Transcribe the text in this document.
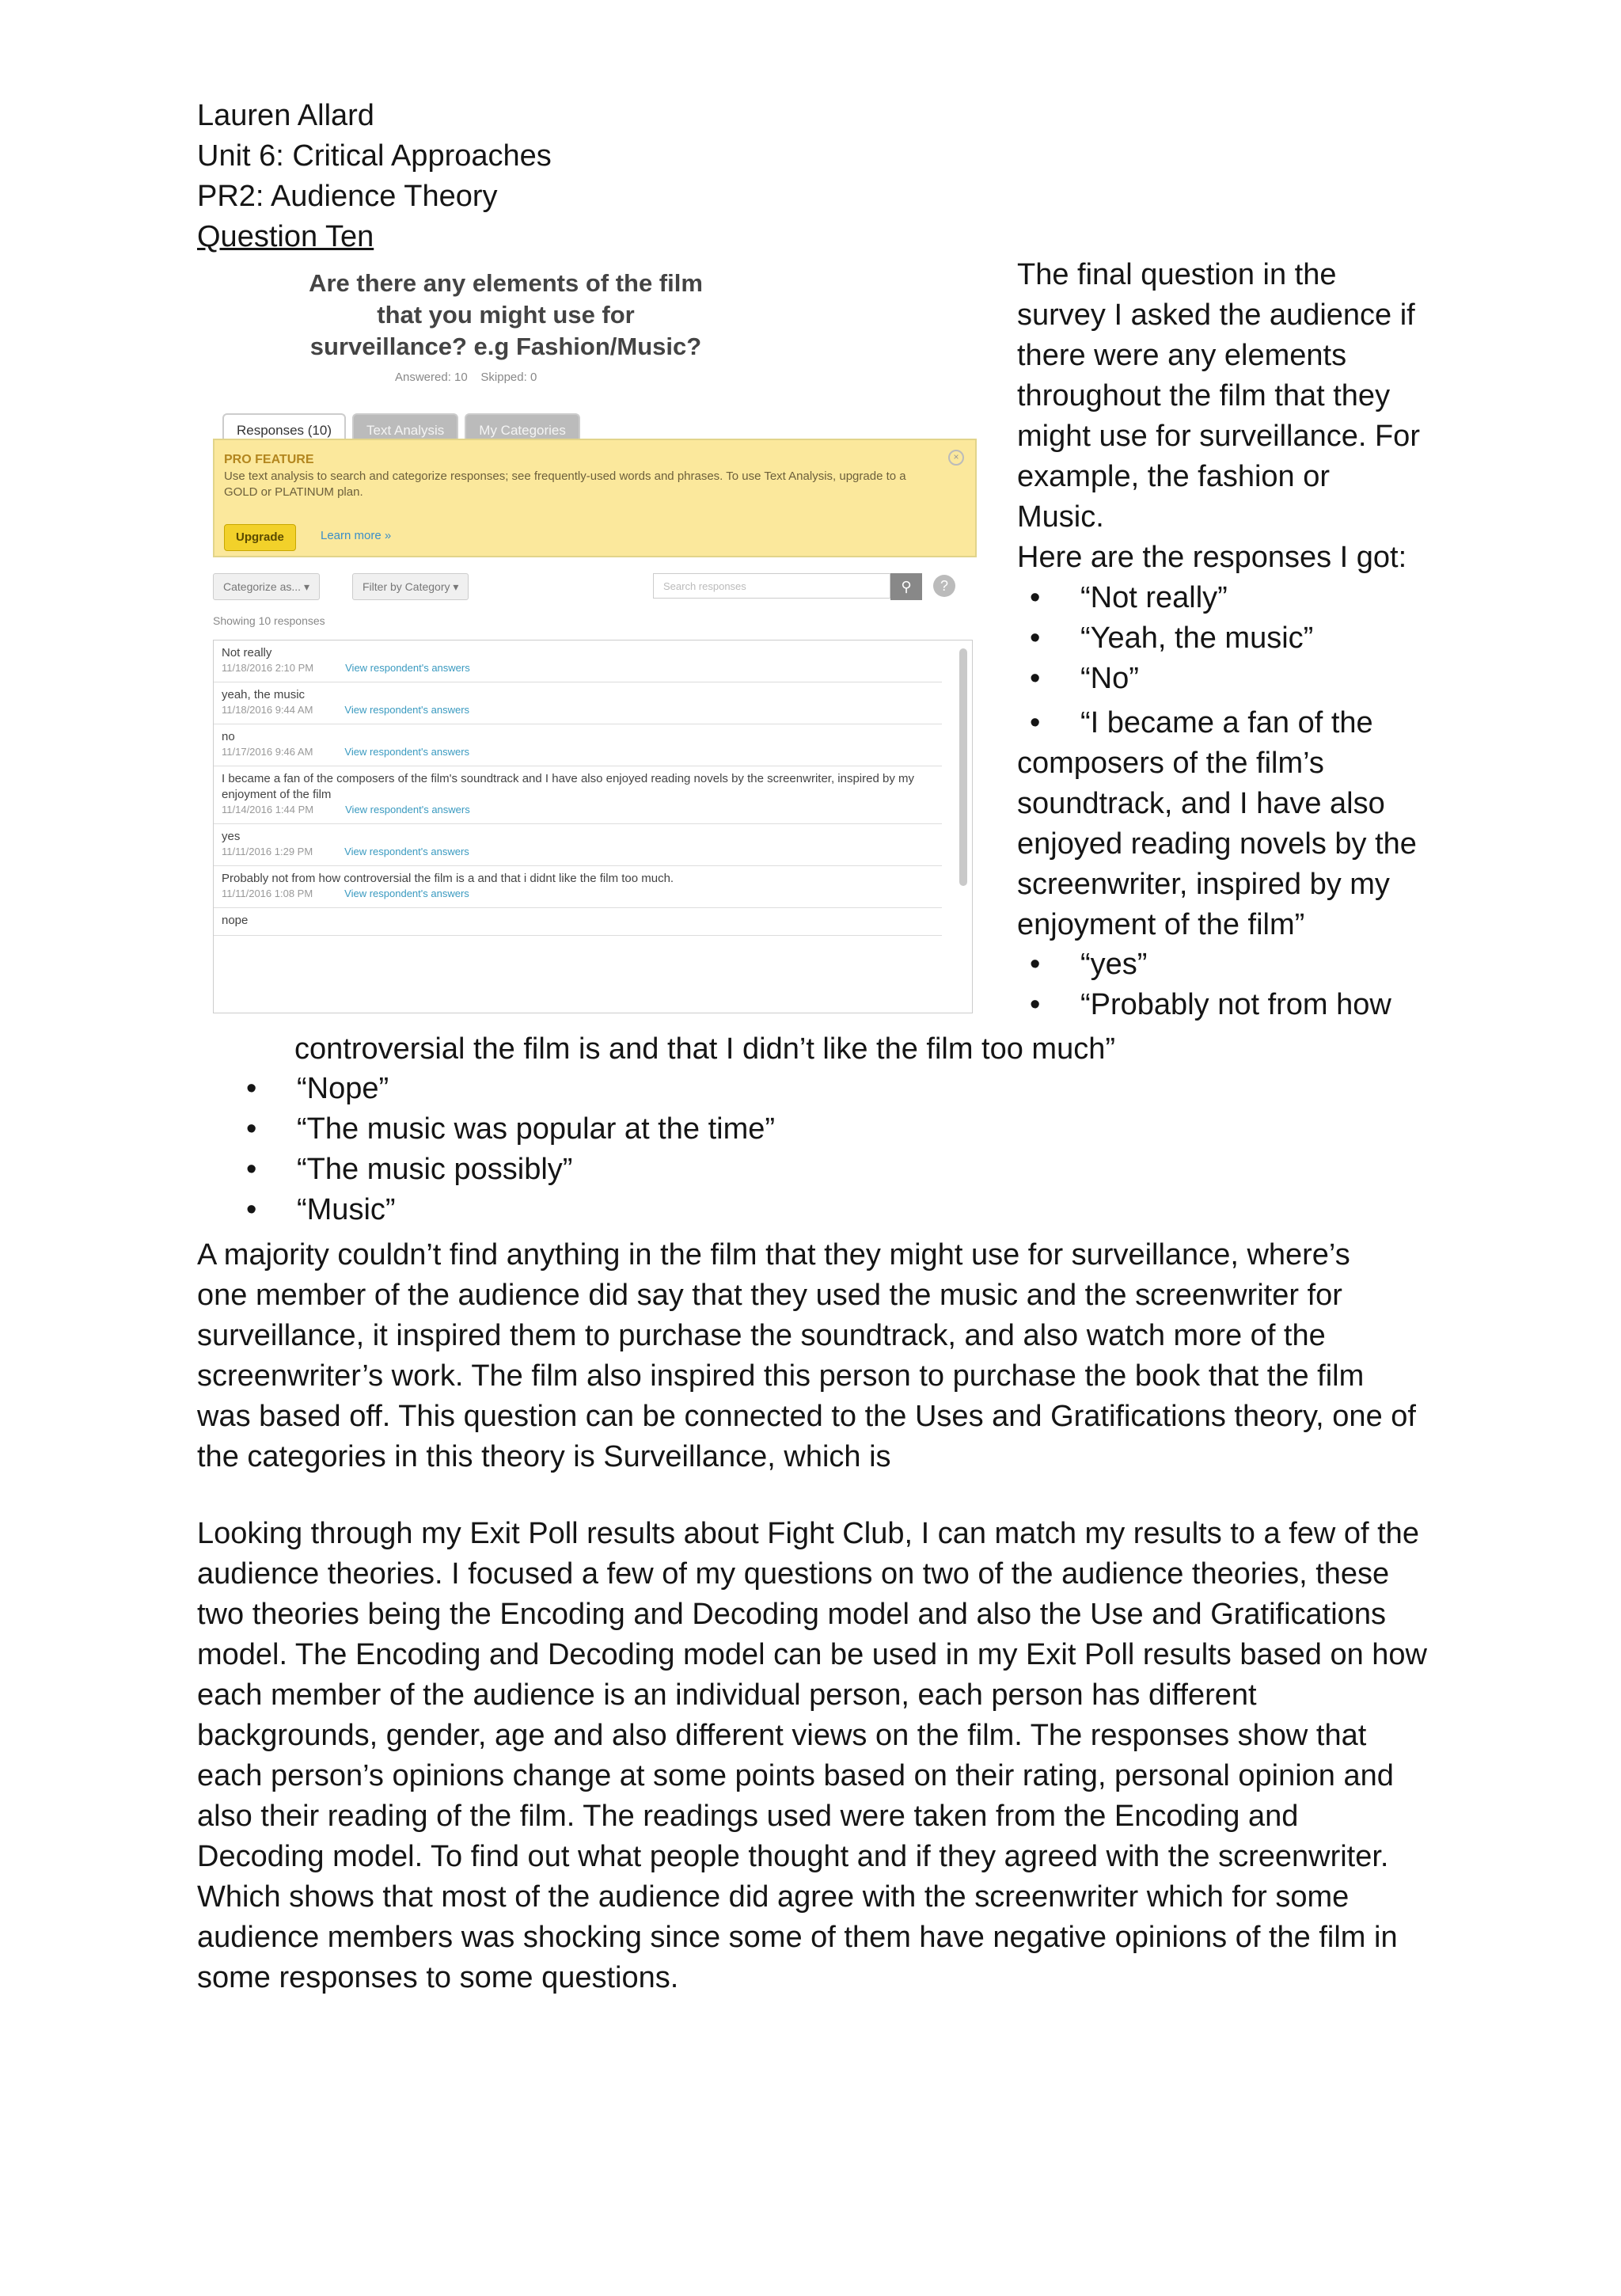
Lauren Allard
Unit 6: Critical Approaches
PR2: Audience Theory
Question Ten
Are there any elements of the film that you might use for surveillance? e.g Fashion/Music?
Answered: 10 Skipped: 0
Responses (10)	Text Analysis	My Categories
PRO FEATURE
Use text analysis to search and categorize responses; see frequently-used words and phrases. To use Text Analysis, upgrade to a GOLD or PLATINUM plan.
×
Upgrade	Learn more »
Categorize as... ▾	Filter by Category ▾	Search responses	⚲	?
Showing 10 responses
Not really
11/18/2016 2:10 PM	View respondent's answers
yeah, the music
11/18/2016 9:44 AM	View respondent's answers
no
11/17/2016 9:46 AM	View respondent's answers
I became a fan of the composers of the film's soundtrack and I have also enjoyed reading novels by the screenwriter, inspired by my enjoyment of the film
11/14/2016 1:44 PM	View respondent's answers
yes
11/11/2016 1:29 PM	View respondent's answers
Probably not from how controversial the film is a and that i didnt like the film too much.
11/11/2016 1:08 PM	View respondent's answers
nope
The final question in the
survey I asked the audience if
there were any elements
throughout the film that they
might use for surveillance. For
example, the fashion or
Music.
Here are the responses I got:
• “Not really”
• “Yeah, the music”
• “No”
• “I became a fan of the
composers of the film’s
soundtrack, and I have also
enjoyed reading novels by the
screenwriter, inspired by my
enjoyment of the film”
• “yes”
• “Probably not from how
controversial the film is and that I didn’t like the film too much”
• “Nope”
• “The music was popular at the time”
• “The music possibly”
• “Music”
A majority couldn’t find anything in the film that they might use for surveillance, where’s
one member of the audience did say that they used the music and the screenwriter for
surveillance, it inspired them to purchase the soundtrack, and also watch more of the
screenwriter’s work. The film also inspired this person to purchase the book that the film
was based off. This question can be connected to the Uses and Gratifications theory, one of
the categories in this theory is Surveillance, which is
Looking through my Exit Poll results about Fight Club, I can match my results to a few of the
audience theories. I focused a few of my questions on two of the audience theories, these
two theories being the Encoding and Decoding model and also the Use and Gratifications
model. The Encoding and Decoding model can be used in my Exit Poll results based on how
each member of the audience is an individual person, each person has different
backgrounds, gender, age and also different views on the film. The responses show that
each person’s opinions change at some points based on their rating, personal opinion and
also their reading of the film. The readings used were taken from the Encoding and
Decoding model. To find out what people thought and if they agreed with the screenwriter.
Which shows that most of the audience did agree with the screenwriter which for some
audience members was shocking since some of them have negative opinions of the film in
some responses to some questions.
